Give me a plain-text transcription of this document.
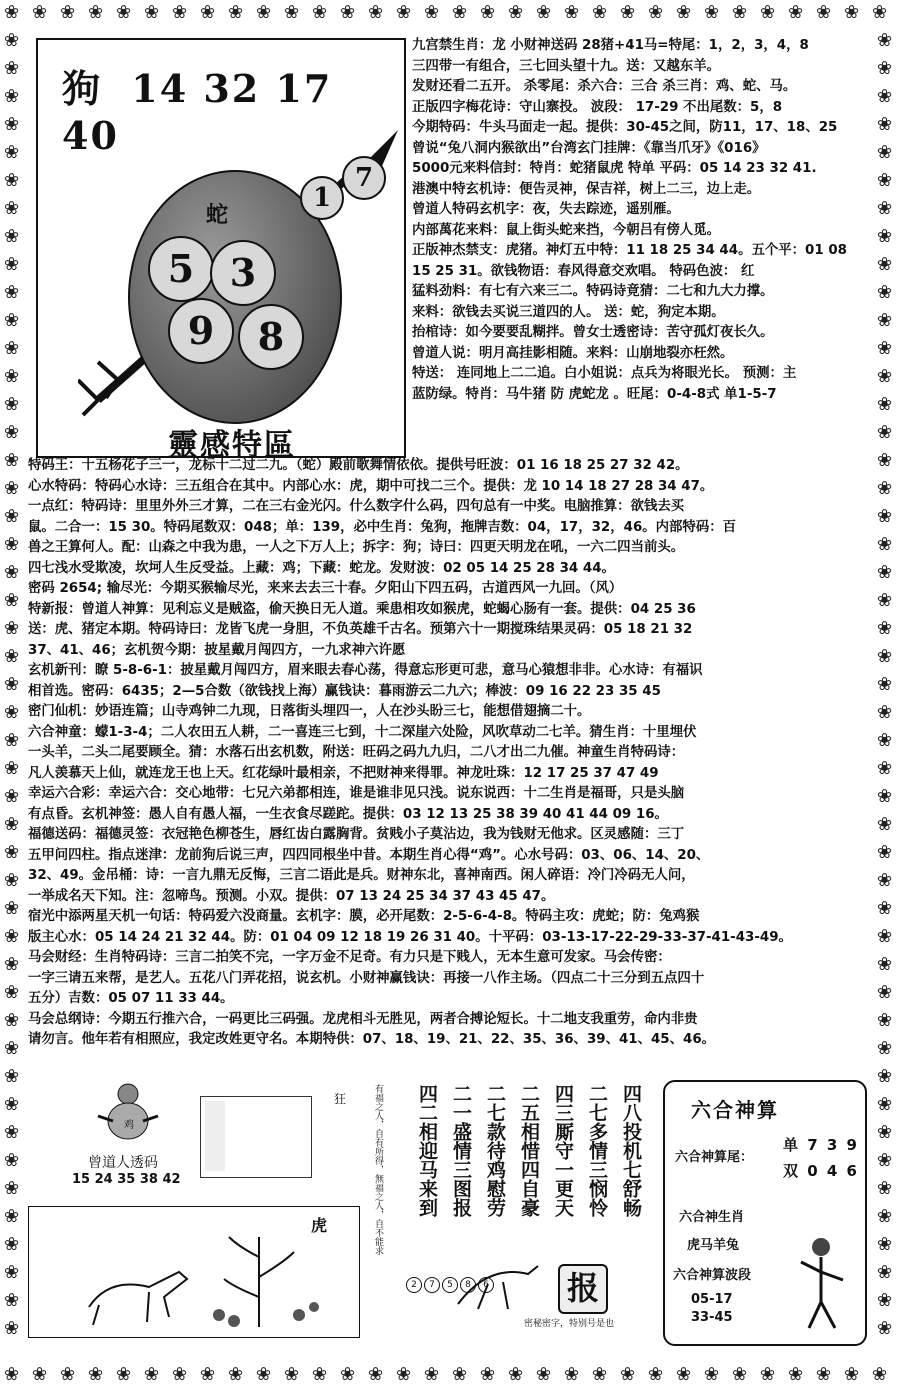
❀
❀
❀
❀
❀
❀
❀
❀
❀
❀
❀
❀
❀
❀
❀
❀
❀
❀
❀
❀
❀
❀
❀
❀
❀
❀
❀
❀
❀
❀
❀
❀
❀
❀
❀
❀
❀
❀
❀
❀
❀
❀
❀
❀
❀
❀
❀
❀
❀
❀
❀
❀
❀
❀
❀
❀
❀
❀
❀
❀
❀
❀
❀
❀
❀	❀
❀	❀
❀	❀
❀	❀
❀	❀
❀	❀
❀	❀
❀	❀
❀	❀
❀	❀
❀	❀
❀	❀
❀	❀
❀	❀
❀	❀
❀	❀
❀	❀
❀	❀
❀	❀
❀	❀
❀	❀
❀	❀
❀	❀
❀	❀
❀	❀
❀	❀
❀	❀
❀	❀
❀	❀
❀	❀
❀	❀
❀	❀
❀	❀
❀	❀
❀	❀
❀	❀
❀	❀
❀	❀
❀	❀
❀	❀
❀	❀
❀	❀
❀	❀
❀	❀
❀	❀
❀	❀
❀	❀
狗 14 32 17 40
蛇
5 3
9	8
1
7
靈感特區

九宫禁生肖：龙 小财神送码 28猪+41马=特尾：1，2，3，4，8

三四带一有组合，三七回头望十九。送：又越东羊。

发财还看二五开。 杀零尾：杀六合：三合 杀三肖：鸡、蛇、马。

正版四字梅花诗：守山寨投。 波段： 17-29 不出尾数：5，8

今期特码：牛头马面走一起。提供：30-45之间，防11，17、18、25

曾说“兔八洞内猴欲出”台湾玄门挂牌：《靠当爪牙》《016》

5000元来料信封：特肖：蛇猪鼠虎 特单 平码：05 14 23 32 41.

港澳中特玄机诗：便告灵神，保吉祥，树上二三，边上走。

曾道人特码玄机字：夜，失去踪迹，遥别雁。

内部萬花来料：鼠上街头蛇来挡，今朝吕有傍人觅。

正版神杰禁支：虎猪。神灯五中特：11 18 25 34 44。五个平：01 08

15 25 31。欲钱物语：春风得意交欢唱。 特码色波： 红

猛料劲料：有七有六来三二。特码诗竟猜：二七和九大力撑。

来料：欲钱去买说三道四的人。 送：蛇，狗定本期。

抬棺诗：如今要要乱糊拌。曾女士透密诗：苦守孤灯夜长久。

曾道人说：明月高挂影相随。来料：山崩地裂亦枉然。

特送： 连同地上二二追。白小姐说：点兵为将眼光长。 预测：主

蓝防绿。特肖：马牛猪 防 虎蛇龙 。旺尾：0-4-8式 单1-5-7

特码王：十五杨花子三一，龙标十二过二九。（蛇）殿前歌舞情依依。提供号旺波：01 16 18 25 27 32 42。

心水特码：特码心水诗：三五组合在其中。内部心水：虎，期中可找二三个。提供：龙 10 14 18 27 28 34 47。

一点红：特码诗：里里外外三才算，二在三右金光闪。什么数字什么码，四句总有一中奖。电脑推算：欲钱去买

鼠。二合一：15 30。特码尾数双：048；单：139，必中生肖：兔狗，拖牌吉数：04，17，32，46。内部特码：百

兽之王算何人。配：山森之中我为患，一人之下万人上；拆字：狗；诗曰：四更天明龙在吼，一六二四当前头。

四七浅水受欺凌，坎坷人生反受益。上藏：鸡；下藏：蛇龙。发财波：02 05 14 25 28 34 44。

密码 2654; 输尽光：今期买猴输尽光，来来去去三十春。夕阳山下四五码，古道西风一九回。（风）

特新报：曾道人神算：见利忘义是贼盗，偷天换日无人道。乘患相攻如猴虎，蛇蝎心肠有一套。提供：04 25 36

送：虎、猪定本期。特码诗曰：龙皆飞虎一身胆，不负英雄千古名。预第六十一期搅珠结果灵码：05 18 21 32

37、41、46；玄机贺今期：披星戴月闯四方，一九求神六许愿

玄机新刊：瞭 5-8-6-1：披星戴月闯四方，眉来眼去春心荡，得意忘形更可悲，意马心猿想非非。心水诗：有福识

相首选。密码：6435；2—5合数（欲钱找上海）赢钱诀：暮雨游云二九六；棒波：09 16 22 23 35 45

密门仙机：妙语连篇；山寺鸡钟二九现，日落街头埋四一，人在沙头盼三七，能想借翅摘二十。

六合神童：蠓1-3-4；二人农田五人耕，二一喜连三七到，十二深崖六处险，风吹草动二七羊。猜生肖：十里埋伏

一头羊，二头二尾要顾全。猜：水落石出玄机数，附送：旺码之码九九归，二八才出二九催。神童生肖特码诗：

凡人羡慕天上仙，就连龙王也上天。红花绿叶最相亲，不把财神来得罪。神龙吐珠：12 17 25 37 47 49

幸运六合彩：幸运六合：交心地带：七兄六弟都相连，谁是谁非见只浅。说东说西：十二生肖是福哥，只是头脑

有点昏。玄机神签：愚人自有愚人福，一生衣食尽蹉跎。提供：03 12 13 25 38 39 40 41 44 09 16。

福德送码：福德灵签：衣冠艳色柳苍生，唇红齿白露胸背。贫贱小子莫沾边，我为钱财无他求。区灵感随：三丁

五甲问四柱。指点迷津：龙前狗后说三声，四四同根坐中昔。本期生肖心得“鸡”。心水号码：03、06、14、20、

32、49。金吊桶：诗：一言九鼎无反悔，三言二语此是兵。财神东北，喜神南西。闲人碎语：冷门冷码无人问，

一举成名天下知。注：忽啼鸟。预测。小双。提供：07 13 24 25 34 37 43 45 47。

宿光中添两星天机一句话：特码爱六没商量。玄机字：膜，必开尾数：2-5-6-4-8。特码主攻：虎蛇；防：兔鸡猴

版主心水：05 14 24 21 32 44。防：01 04 09 12 18 19 26 31 40。十平码：03-13-17-22-29-33-37-41-43-49。

马会财经：生肖特码诗：三言二拍笑不完，一字万金不足奇。有力只是下贱人，无本生意可发家。马会传密：

一字三请五来帮，是艺人。五花八门弄花招，说玄机。小财神赢钱诀：再接一八作主场。（四点二十三分到五点四十

五分）吉数：05 07 11 33 44。

马会总纲诗：今期五行推六合，一码更比三码强。龙虎相斗无胜见，两者合搏论短长。十二地支我重劳，命内非贵

请勿言。他年若有相照应，我定改姓更守名。本期特供：07、18、19、21、22、35、36、39、41、45、46。

鸡
曾道人透码
15 24 35 38 42
狂
虎	有福之人，自有所得，無福之人，自不能求 四二相迎马来到 二一盛情三图报 二七款待鸡慰劳 二五相惜四自豪 四三厮守一更天 二七多情三悯怜 四八投机七舒畅
2 7 5 8 6	报
密秘密字，特别号是也
六合神算
六合神算尾：
单 7 3 9
双 0 4 6
六合神生肖
虎马羊兔
六合神算波段
05-17
33-45
